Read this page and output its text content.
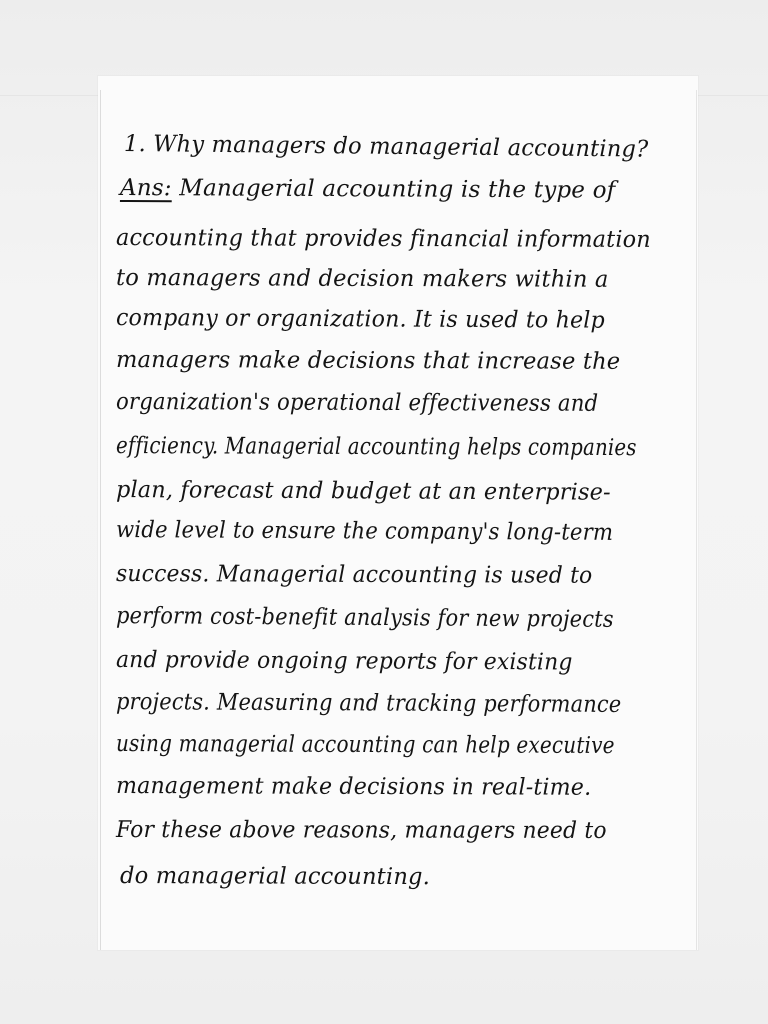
1. Why managers do managerial accounting?
Ans: Managerial accounting is the type of
accounting that provides financial information
to managers and decision makers within a
company or organization. It is used to help
managers make decisions that increase the
organization's operational effectiveness and
efficiency. Managerial accounting helps companies
plan, forecast and budget at an enterprise-
wide level to ensure the company's long-term
success. Managerial accounting is used to
perform cost-benefit analysis for new projects
and provide ongoing reports for existing
projects. Measuring and tracking performance
using managerial accounting can help executive
management make decisions in real-time.
For these above reasons, managers need to
do managerial accounting.
